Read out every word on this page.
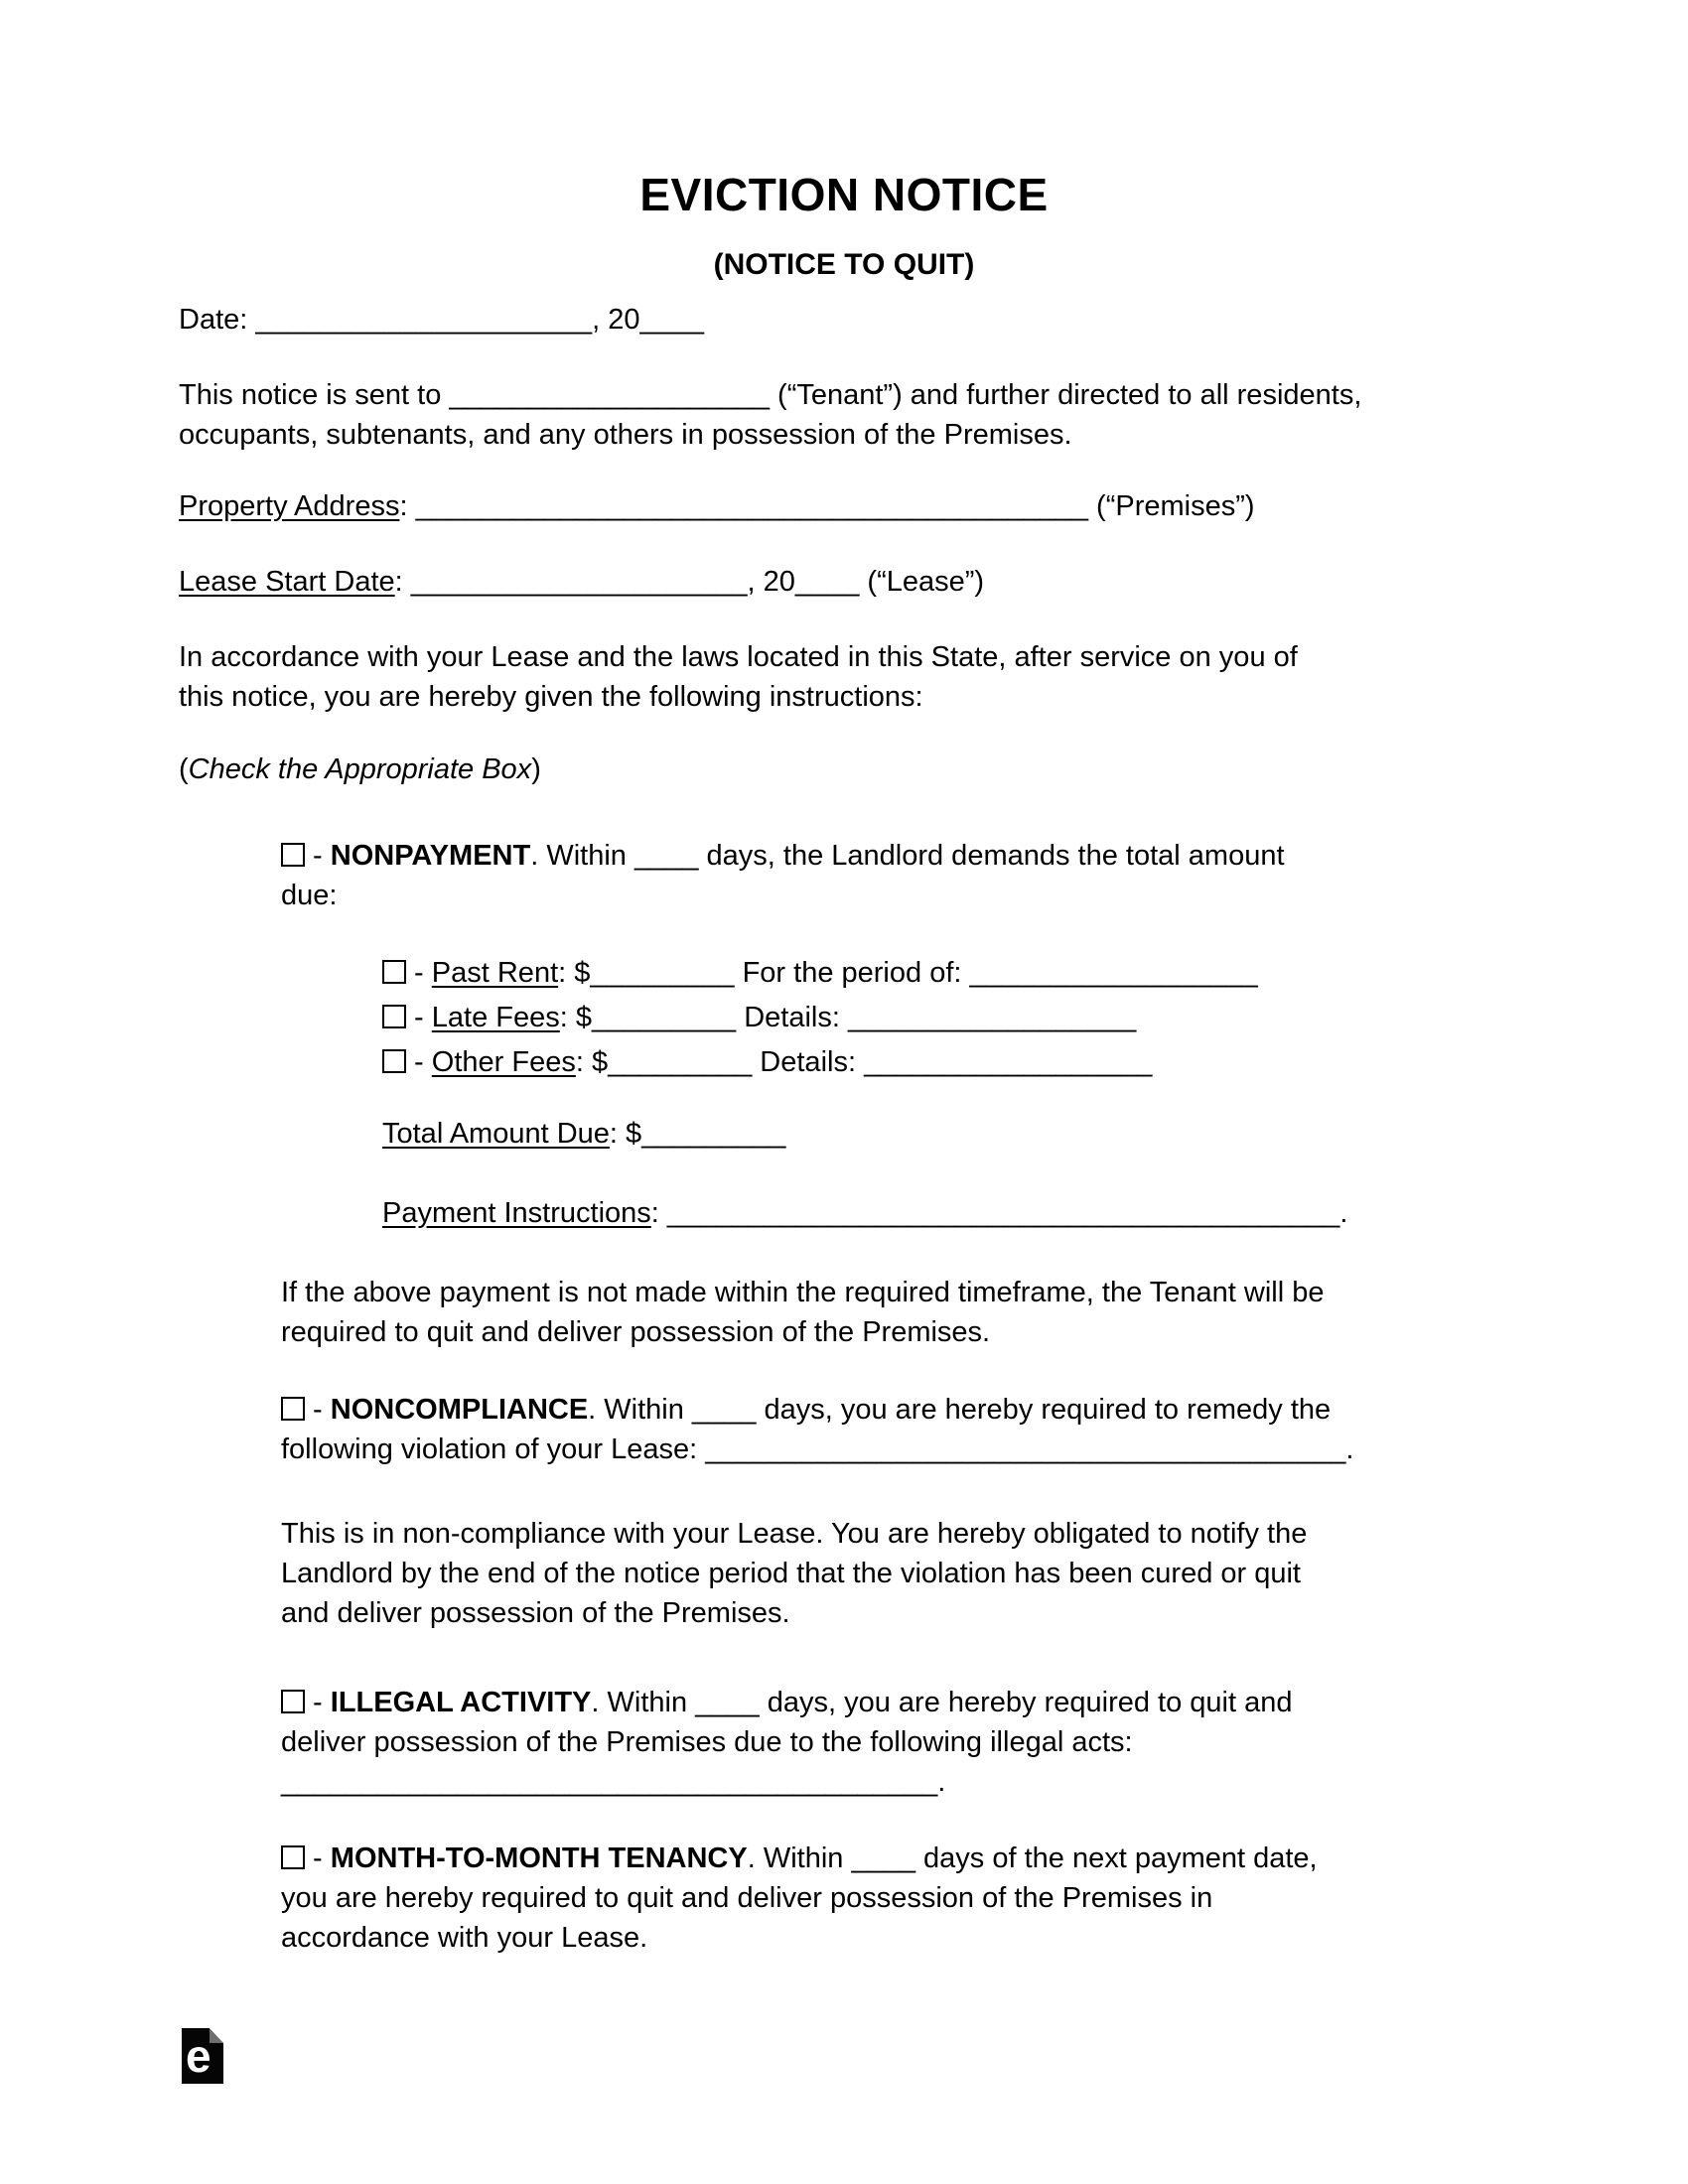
EVICTION NOTICE
(NOTICE TO QUIT)

Date: _____________________, 20____

This notice is sent to ____________________ (“Tenant”) and further directed to all residents,
occupants, subtenants, and any others in possession of the Premises.

Property Address: __________________________________________ (“Premises”)

Lease Start Date: _____________________, 20____ (“Lease”)

In accordance with your Lease and the laws located in this State, after service on you of
this notice, you are hereby given the following instructions:

(Check the Appropriate Box)

- NONPAYMENT. Within ____ days, the Landlord demands the total amount
due:
- Past Rent: $_________ For the period of: __________________
- Late Fees: $_________ Details: __________________
- Other Fees: $_________ Details: __________________

Total Amount Due: $_________

Payment Instructions: __________________________________________.

If the above payment is not made within the required timeframe, the Tenant will be
required to quit and deliver possession of the Premises.
- NONCOMPLIANCE. Within ____ days, you are hereby required to remedy the
following violation of your Lease: ________________________________________.
This is in non-compliance with your Lease. You are hereby obligated to notify the
Landlord by the end of the notice period that the violation has been cured or quit
and deliver possession of the Premises.
- ILLEGAL ACTIVITY. Within ____ days, you are hereby required to quit and
deliver possession of the Premises due to the following illegal acts:
_________________________________________.
- MONTH-TO-MONTH TENANCY. Within ____ days of the next payment date,
you are hereby required to quit and deliver possession of the Premises in
accordance with your Lease.
e
